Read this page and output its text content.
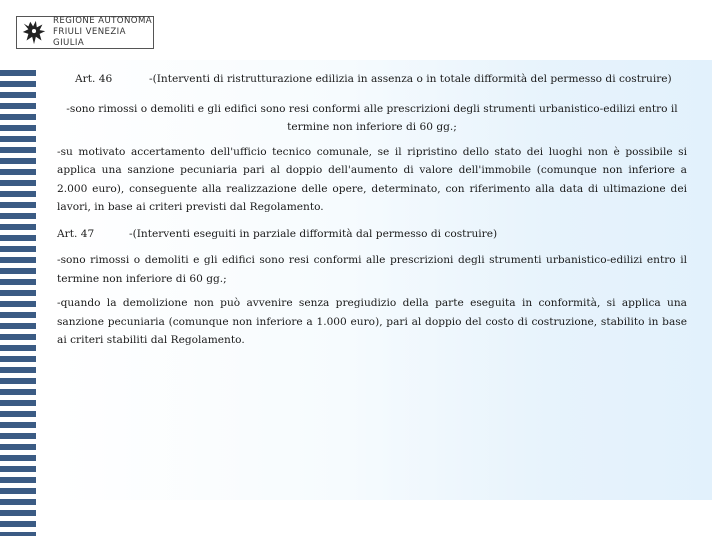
REGIONE AUTONOMA
FRIULI VENEZIA GIULIA
Art. 46	-(Interventi di ristrutturazione edilizia in assenza o in totale difformità del permesso di costruire)

-sono rimossi o demoliti e gli edifici sono resi conformi alle prescrizioni degli strumenti urbanistico-edilizi entro il termine non inferiore di 60 gg.;

-su motivato accertamento dell'ufficio tecnico comunale, se il ripristino dello stato dei luoghi non è possibile si applica una sanzione pecuniaria pari al doppio dell'aumento di valore dell'immobile (comunque non inferiore a 2.000 euro), conseguente alla realizzazione delle opere, determinato, con riferimento alla data di ultimazione dei lavori, in base ai criteri previsti dal Regolamento.

Art. 47	-(Interventi eseguiti in parziale difformità dal permesso di costruire)

-sono rimossi o demoliti e gli edifici sono resi conformi alle prescrizioni degli strumenti urbanistico-edilizi entro il termine non inferiore di 60 gg.;

-quando la demolizione non può avvenire senza pregiudizio della parte eseguita in conformità, si applica una sanzione pecuniaria (comunque non inferiore a 1.000 euro), pari al doppio del costo di costruzione, stabilito in base ai criteri stabiliti dal Regolamento.
